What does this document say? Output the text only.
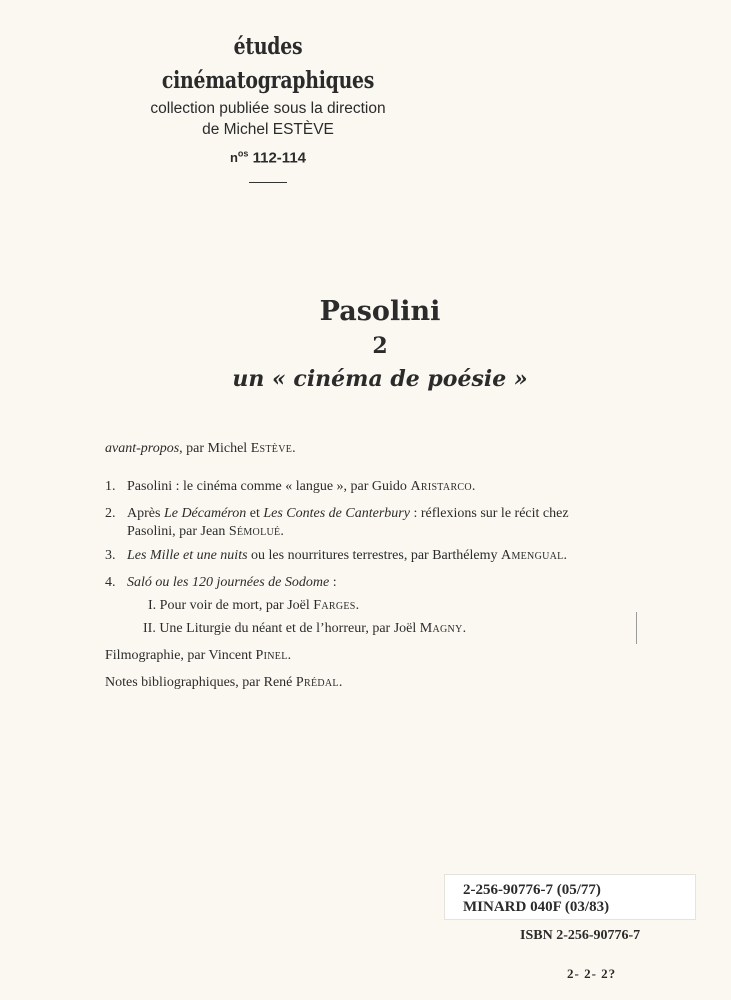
études cinématographiques

collection publiée sous la direction

de Michel ESTÈVE

$n^{os}$ 112-114

Pasolini

2

un « cinéma de poésie »

avant-propos, par Michel Estève.
1. Pasolini : le cinéma comme « langue », par Guido Aristarco.
2. Après Le Décaméron et Les Contes de Canterbury : réflexions sur le récit chez
Pasolini, par Jean Sémolué.
3. Les Mille et une nuits ou les nourritures terrestres, par Barthélemy Amengual.
4. Saló ou les 120 journées de Sodome :
I. Pour voir de mort, par Joël Farges.
II. Une Liturgie du néant et de l’horreur, par Joël Magny.
Filmographie, par Vincent Pinel.
Notes bibliographiques, par René Prédal.
2-256-90776-7 (05/77)
MINARD 040F (03/83)
ISBN 2-256-90776-7
2- 2- 2?
